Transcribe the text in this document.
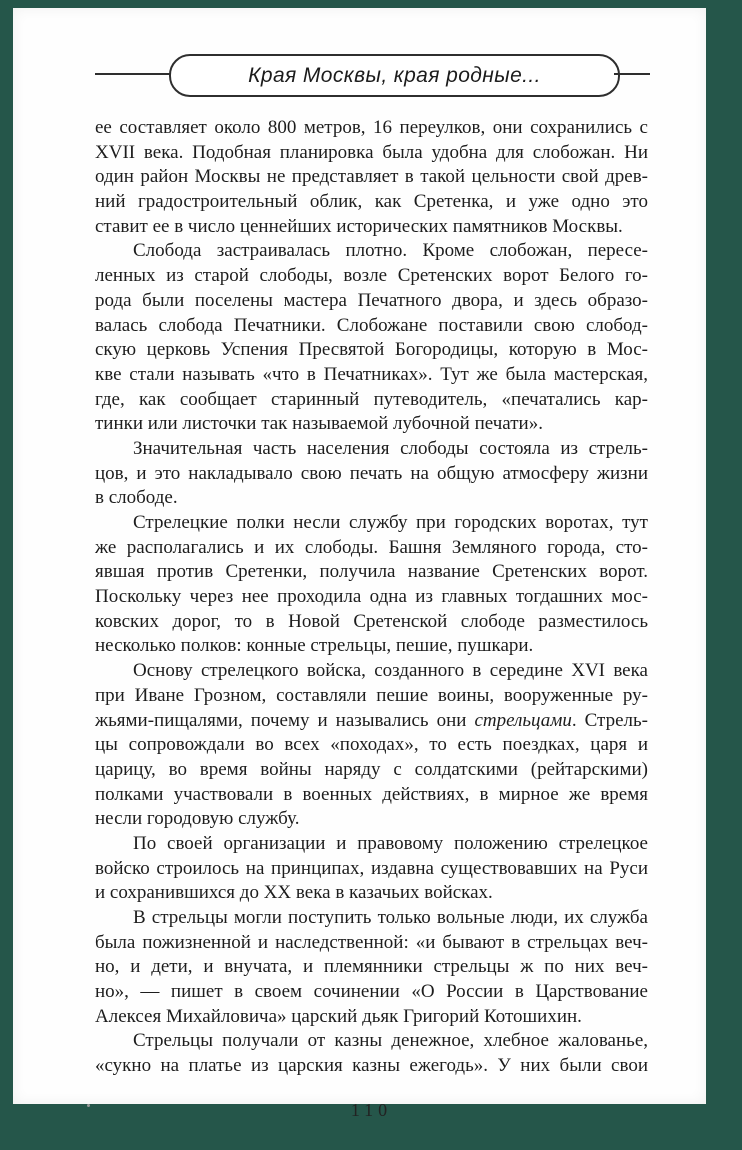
Края Москвы, края родные...
ее составляет около 800 метров, 16 переулков, они сохранились с
XVII века. Подобная планировка была удобна для слобожан. Ни
один район Москвы не представляет в такой цельности свой древ-
ний градостроительный облик, как Сретенка, и уже одно это
ставит ее в число ценнейших исторических памятников Москвы.
Слобода застраивалась плотно. Кроме слобожан, пересе-
ленных из старой слободы, возле Сретенских ворот Белого го-
рода были поселены мастера Печатного двора, и здесь образо-
валась слобода Печатники. Слобожане поставили свою слобод-
скую церковь Успения Пресвятой Богородицы, которую в Мос-
кве стали называть «что в Печатниках». Тут же была мастерская,
где, как сообщает старинный путеводитель, «печатались кар-
тинки или листочки так называемой лубочной печати».
Значительная часть населения слободы состояла из стрель-
цов, и это накладывало свою печать на общую атмосферу жизни
в слободе.
Стрелецкие полки несли службу при городских воротах, тут
же располагались и их слободы. Башня Земляного города, сто-
явшая против Сретенки, получила название Сретенских ворот.
Поскольку через нее проходила одна из главных тогдашних мос-
ковских дорог, то в Новой Сретенской слободе разместилось
несколько полков: конные стрельцы, пешие, пушкари.
Основу стрелецкого войска, созданного в середине XVI века
при Иване Грозном, составляли пешие воины, вооруженные ру-
жьями-пищалями, почему и назывались они стрельцами. Стрель-
цы сопровождали во всех «походах», то есть поездках, царя и
царицу, во время войны наряду с солдатскими (рейтарскими)
полками участвовали в военных действиях, в мирное же время
несли городовую службу.
По своей организации и правовому положению стрелецкое
войско строилось на принципах, издавна существовавших на Руси
и сохранившихся до XX века в казачьих войсках.
В стрельцы могли поступить только вольные люди, их служба
была пожизненной и наследственной: «и бывают в стрельцах веч-
но, и дети, и внучата, и племянники стрельцы ж по них веч-
но», — пишет в своем сочинении «О России в Царствование
Алексея Михайловича» царский дьяк Григорий Котошихин.
Стрельцы получали от казны денежное, хлебное жалованье,
«сукно на платье из царския казны ежегодь». У них были свои
110
